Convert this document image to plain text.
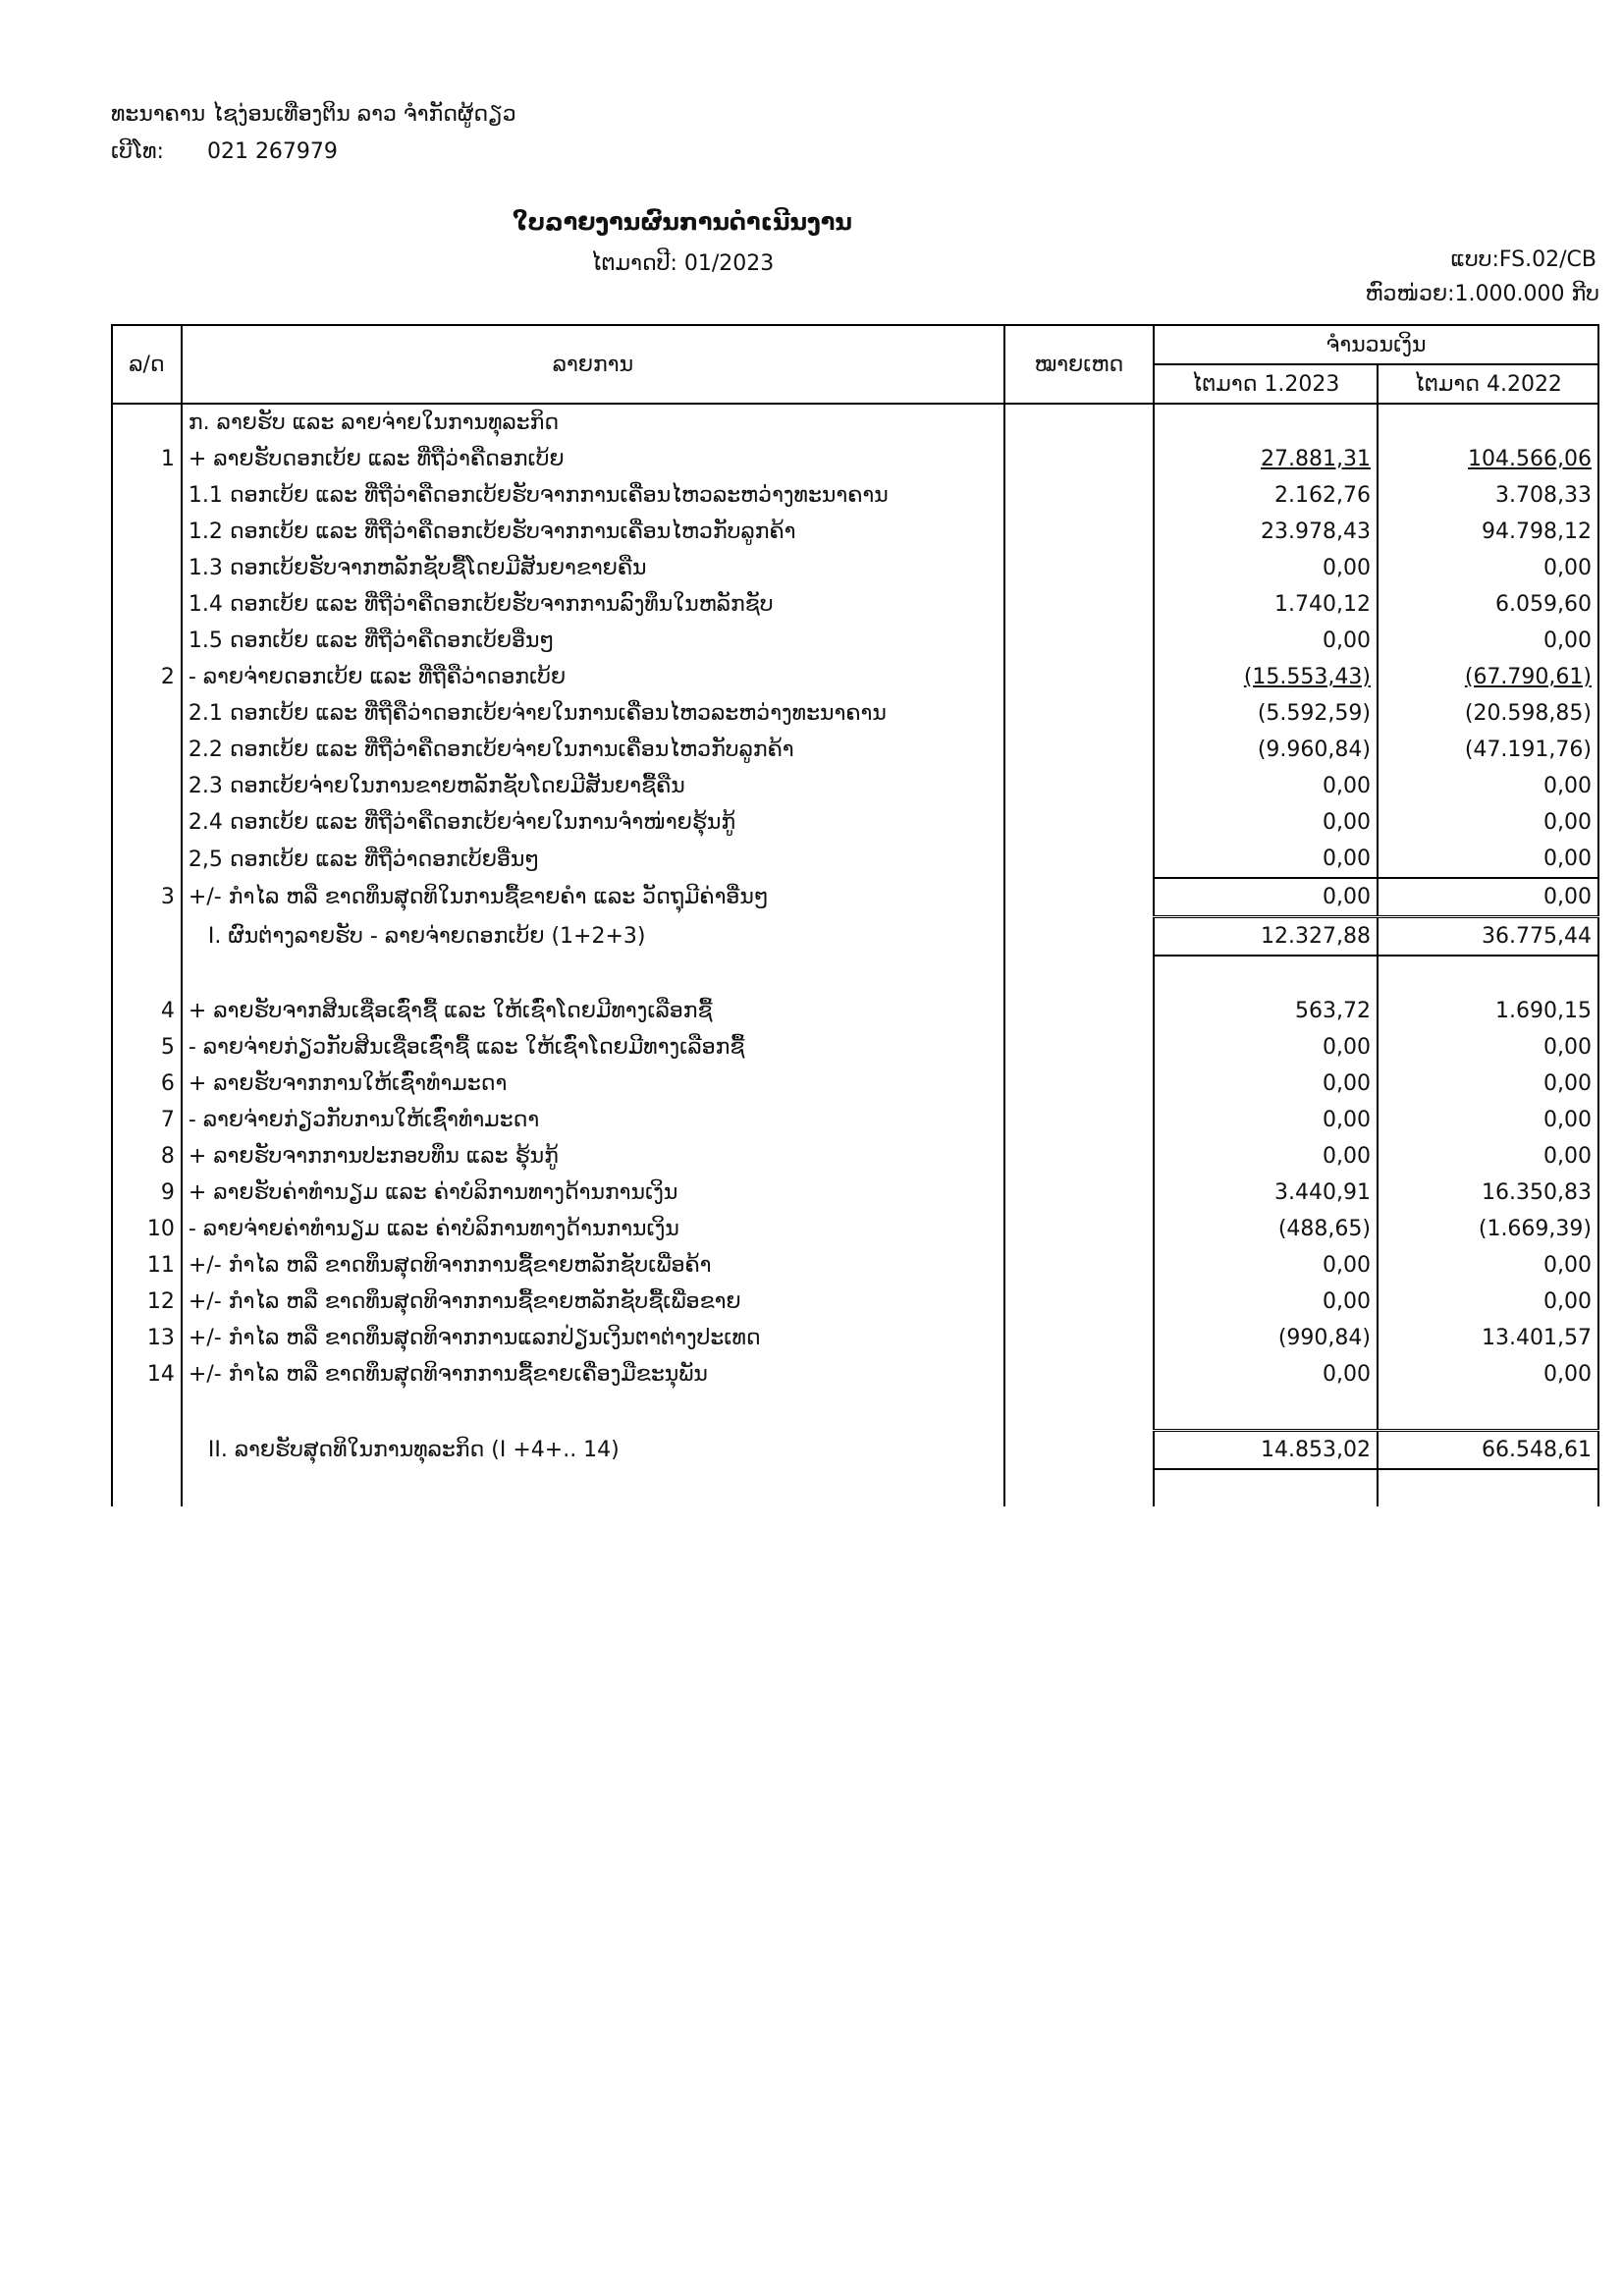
ທະນາຄານ ໄຊງ່ອນເທືອງຕິນ ລາວ ຈຳກັດຜູ້ດຽວ
ເບີໂທ: 021 267979
ໃບລາຍງານຜົນການດຳເນີນງານ
ໄຕມາດປີ: 01/2023	ແບບ:FS.02/CB
ຫົວໜ່ວຍ:1.000.000 ກີບ
ລ/ດ	ລາຍການ	ໝາຍເຫດ	ຈຳນວນເງິນ	
			ໄຕມາດ 1.2023	ໄຕມາດ 4.2022
	ກ. ລາຍຮັບ ແລະ ລາຍຈ່າຍໃນການທຸລະກິດ			
1	+ ລາຍຮັບດອກເບ້ຍ ແລະ ທີ່ຖືວ່າຄືດອກເບ້ຍ		27.881,31	104.566,06
	1.1 ດອກເບ້ຍ ແລະ ທີ່ຖືວ່າຄືດອກເບ້ຍຮັບຈາກການເຄື່ອນໄຫວລະຫວ່າງທະນາຄານ		2.162,76	3.708,33
	1.2 ດອກເບ້ຍ ແລະ ທີ່ຖືວ່າຄືດອກເບ້ຍຮັບຈາກການເຄື່ອນໄຫວກັບລູກຄ້າ		23.978,43	94.798,12
	1.3 ດອກເບ້ຍຮັບຈາກຫລັກຊັບຊື້ໂດຍມີສັນຍາຂາຍຄືນ		0,00	0,00
	1.4 ດອກເບ້ຍ ແລະ ທີ່ຖືວ່າຄືດອກເບ້ຍຮັບຈາກການລົງທຶນໃນຫລັກຊັບ		1.740,12	6.059,60
	1.5 ດອກເບ້ຍ ແລະ ທີ່ຖືວ່າຄືດອກເບ້ຍອື່ນໆ		0,00	0,00
2	- ລາຍຈ່າຍດອກເບ້ຍ ແລະ ທີ່ຖືຄືວ່າດອກເບ້ຍ		(15.553,43)	(67.790,61)
	2.1 ດອກເບ້ຍ ແລະ ທີ່ຖືຄືວ່າດອກເບ້ຍຈ່າຍໃນການເຄື່ອນໄຫວລະຫວ່າງທະນາຄານ		(5.592,59)	(20.598,85)
	2.2 ດອກເບ້ຍ ແລະ ທີ່ຖືວ່າຄືດອກເບ້ຍຈ່າຍໃນການເຄື່ອນໄຫວກັບລູກຄ້າ		(9.960,84)	(47.191,76)
	2.3 ດອກເບ້ຍຈ່າຍໃນການຂາຍຫລັກຊັບໂດຍມີສັນຍາຊື້ຄືນ		0,00	0,00
	2.4 ດອກເບ້ຍ ແລະ ທີ່ຖືວ່າຄືດອກເບ້ຍຈ່າຍໃນການຈຳໜ່າຍຮຸ້ນກູ້		0,00	0,00
	2,5 ດອກເບ້ຍ ແລະ ທີ່ຖືວ່າດອກເບ້ຍອື່ນໆ		0,00	0,00
3	+/- ກຳໄລ ຫລື ຂາດທຶນສຸດທິໃນການຊື້ຂາຍຄຳ ແລະ ວັດຖຸມີຄ່າອື່ນໆ		0,00	0,00
	I. ຜົນຕ່າງລາຍຮັບ - ລາຍຈ່າຍດອກເບ້ຍ (1+2+3)		12.327,88	36.775,44

4	+ ລາຍຮັບຈາກສິນເຊື່ອເຊົ່າຊື້ ແລະ ໃຫ້ເຊົ່າໂດຍມີທາງເລືອກຊື້		563,72	1.690,15
5	- ລາຍຈ່າຍກ່ຽວກັບສິນເຊື່ອເຊົ່າຊື້ ແລະ ໃຫ້ເຊົ່າໂດຍມີທາງເລືອກຊື້		0,00	0,00
6	+ ລາຍຮັບຈາກການໃຫ້ເຊົ່າທຳມະດາ		0,00	0,00
7	- ລາຍຈ່າຍກ່ຽວກັບການໃຫ້ເຊົ່າທຳມະດາ		0,00	0,00
8	+ ລາຍຮັບຈາກການປະກອບທຶນ ແລະ ຮຸ້ນກູ້		0,00	0,00
9	+ ລາຍຮັບຄ່າທຳນຽມ ແລະ ຄ່າບໍລິການທາງດ້ານການເງິນ		3.440,91	16.350,83
10	- ລາຍຈ່າຍຄ່າທຳນຽມ ແລະ ຄ່າບໍລິການທາງດ້ານການເງິນ		(488,65)	(1.669,39)
11	+/- ກຳໄລ ຫລື ຂາດທຶນສຸດທິຈາກການຊື້ຂາຍຫລັກຊັບເພື່ອຄ້າ		0,00	0,00
12	+/- ກຳໄລ ຫລື ຂາດທຶນສຸດທິຈາກການຊື້ຂາຍຫລັກຊັບຊື້ເພື່ອຂາຍ		0,00	0,00
13	+/- ກຳໄລ ຫລື ຂາດທຶນສຸດທິຈາກການແລກປ່ຽນເງິນຕາຕ່າງປະເທດ		(990,84)	13.401,57
14	+/- ກຳໄລ ຫລື ຂາດທຶນສຸດທິຈາກການຊື້ຂາຍເຄື່ອງມືຂະນຸພັນ		0,00	0,00

	II. ລາຍຮັບສຸດທິໃນການທຸລະກິດ (I +4+.. 14)		14.853,02	66.548,61
